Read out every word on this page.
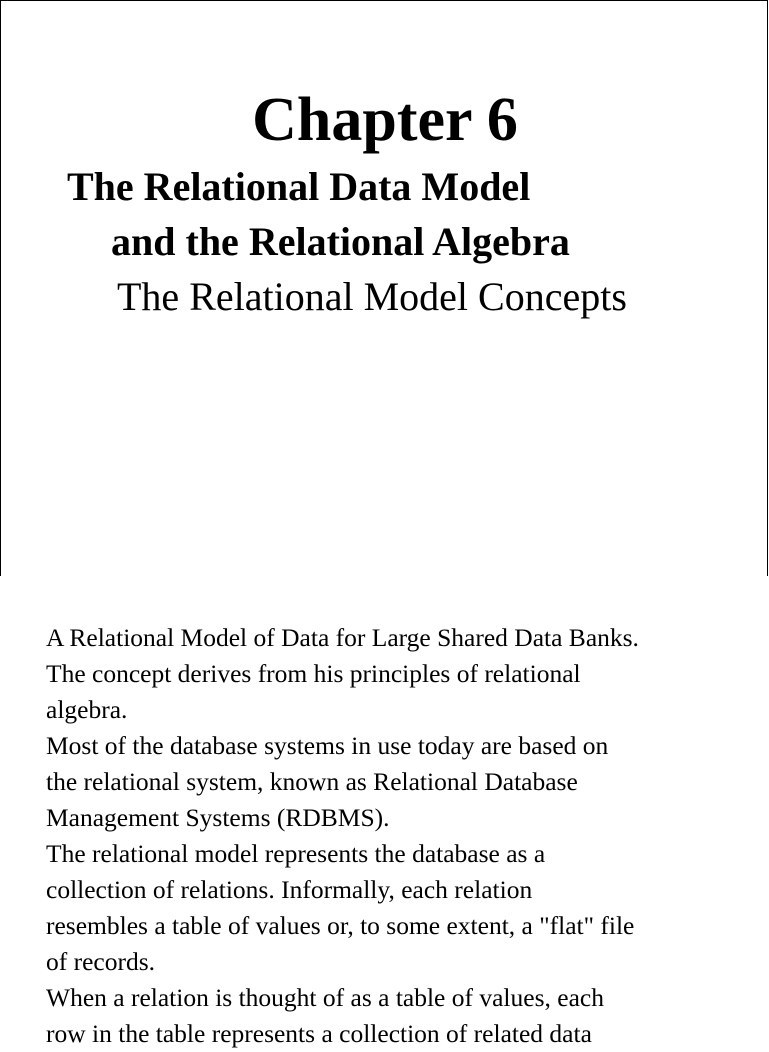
Chapter 6
The Relational Data Model
and the Relational Algebra
The Relational Model Concepts
A Relational Model of Data for Large Shared Data Banks.
The concept derives from his principles of relational
algebra.
Most of the database systems in use today are based on
the relational system, known as Relational Database
Management Systems (RDBMS).
The relational model represents the database as a
collection of relations. Informally, each relation
resembles a table of values or, to some extent, a "flat" file
of records.
When a relation is thought of as a table of values, each
row in the table represents a collection of related data
